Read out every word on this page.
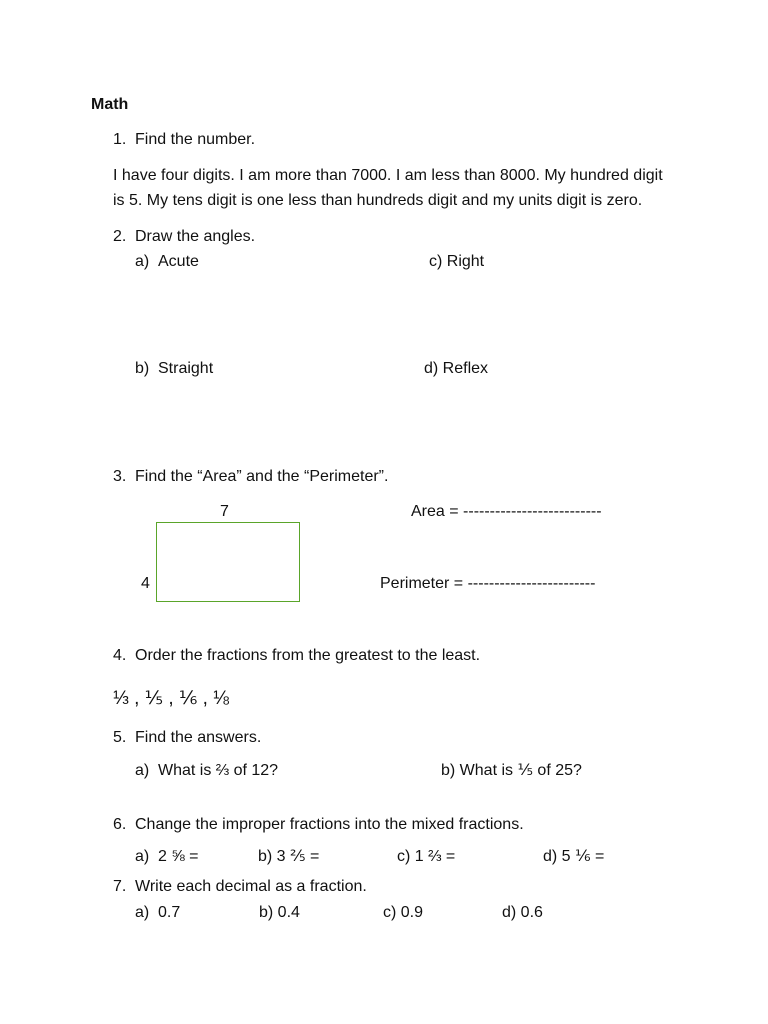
Math
1. Find the number.
I have four digits. I am more than 7000. I am less than 8000. My hundred digit
is 5. My tens digit is one less than hundreds digit and my units digit is zero.
2. Draw the angles.
a) Acute	c) Right
b) Straight	d) Reflex
3. Find the “Area” and the “Perimeter”.
7
4
Area = --------------------------
Perimeter = ------------------------
4. Order the fractions from the greatest to the least.
⅓ , ⅕ , ⅙ , ⅛
5. Find the answers.
a) What is ⅔ of 12?	b) What is ⅕ of 25?
6. Change the improper fractions into the mixed fractions.
a) 2 ⅝ =	b) 3 ⅖ =	c) 1 ⅔ =	d) 5 ⅙ =
7. Write each decimal as a fraction.
a) 0.7	b) 0.4	c) 0.9	d) 0.6
